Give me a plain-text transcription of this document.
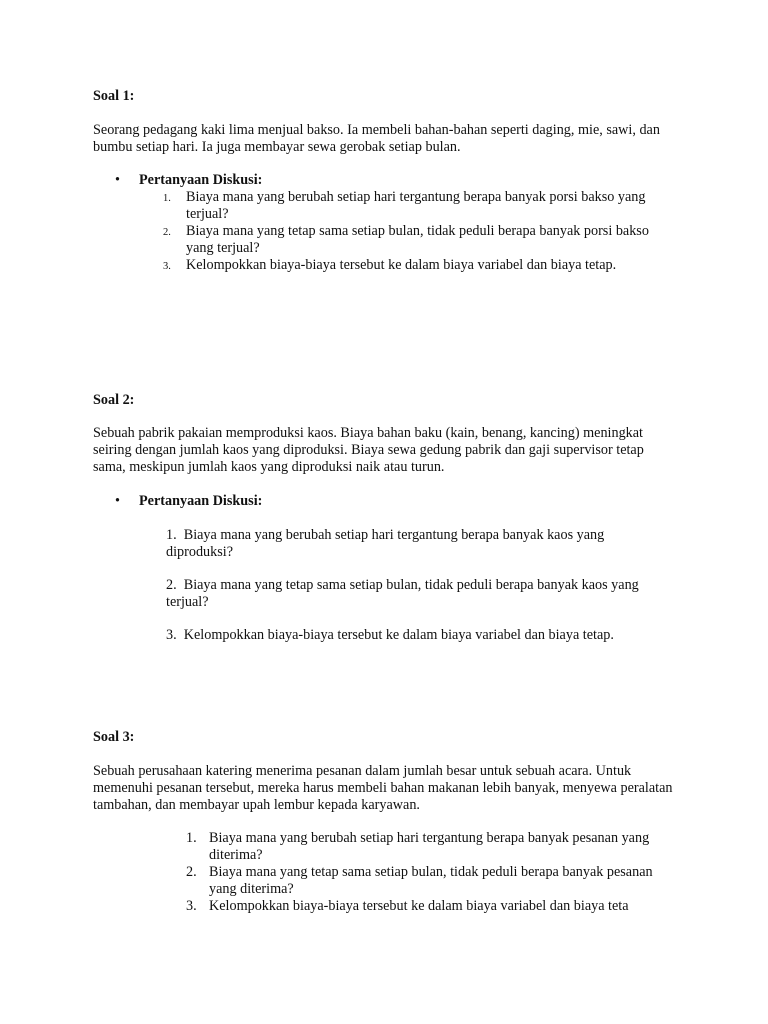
Soal 1:

Seorang pedagang kaki lima menjual bakso. Ia membeli bahan-bahan seperti daging, mie, sawi, dan bumbu setiap hari. Ia juga membayar sewa gerobak setiap bulan.

• Pertanyaan Diskusi:
1. Biaya mana yang berubah setiap hari tergantung berapa banyak porsi bakso yang terjual?
2. Biaya mana yang tetap sama setiap bulan, tidak peduli berapa banyak porsi bakso yang terjual?
3. Kelompokkan biaya-biaya tersebut ke dalam biaya variabel dan biaya tetap.
Soal 2:

Sebuah pabrik pakaian memproduksi kaos. Biaya bahan baku (kain, benang, kancing) meningkat seiring dengan jumlah kaos yang diproduksi. Biaya sewa gedung pabrik dan gaji supervisor tetap sama, meskipun jumlah kaos yang diproduksi naik atau turun.

• Pertanyaan Diskusi:
1. Biaya mana yang berubah setiap hari tergantung berapa banyak kaos yang diproduksi?
2. Biaya mana yang tetap sama setiap bulan, tidak peduli berapa banyak kaos yang terjual?
3. Kelompokkan biaya-biaya tersebut ke dalam biaya variabel dan biaya tetap.
Soal 3:

Sebuah perusahaan katering menerima pesanan dalam jumlah besar untuk sebuah acara. Untuk memenuhi pesanan tersebut, mereka harus membeli bahan makanan lebih banyak, menyewa peralatan tambahan, dan membayar upah lembur kepada karyawan.

1. Biaya mana yang berubah setiap hari tergantung berapa banyak pesanan yang diterima?
2. Biaya mana yang tetap sama setiap bulan, tidak peduli berapa banyak pesanan yang diterima?
3. Kelompokkan biaya-biaya tersebut ke dalam biaya variabel dan biaya teta
